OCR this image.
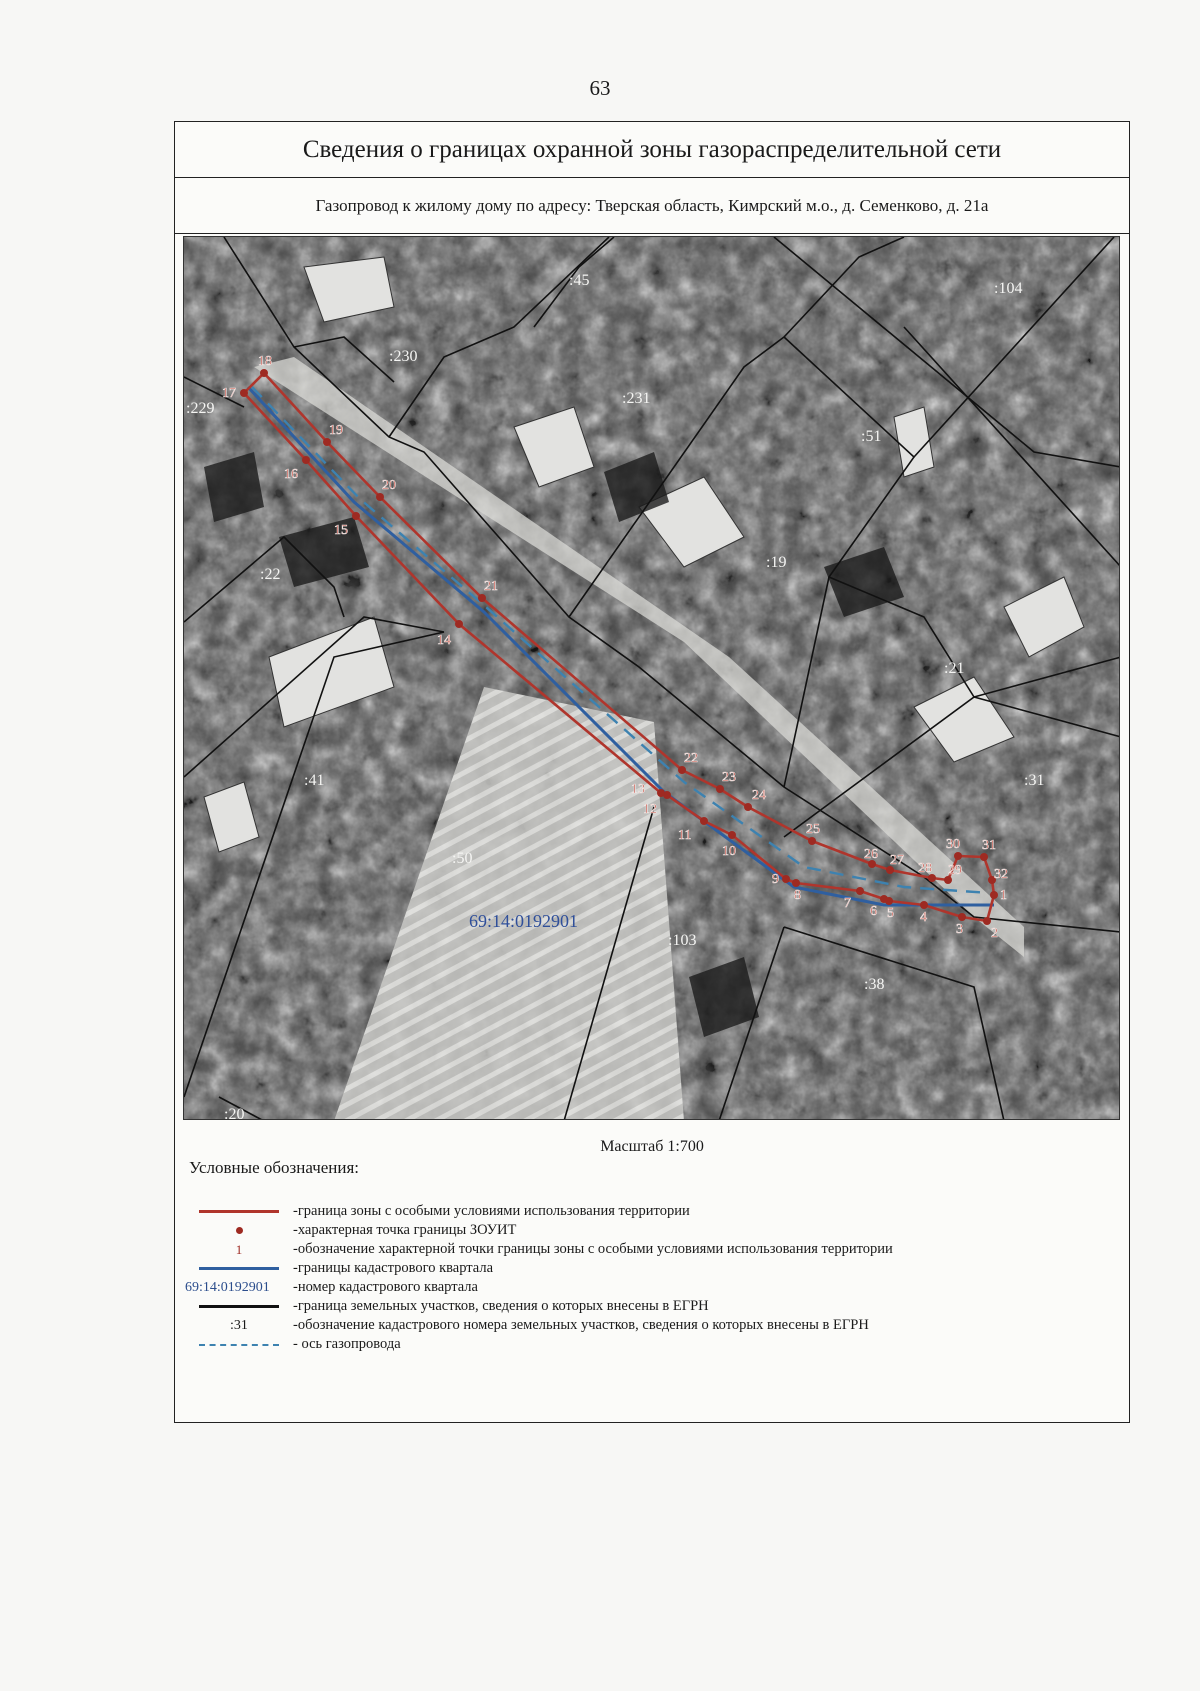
63
Сведения о границах охранной зоны газораспределительной сети
Газопровод к жилому дому по адресу: Тверская область, Кимрский м.о., д. Семенково, д. 21а
:45	:104
:230
:229
:231
:51
:19
:22
:21
:41	:31
:50
:103
:38
:20
69:14:0192901
1
2
3
4
5
6
7
8
9
10
11
12
13
14
15
16
17
18
19
20
21
22
23
24
25
26 27
28 29
30 31
32
Масштаб 1:700
Условные обозначения:
-граница зоны с особыми условиями использования территории
-характерная точка границы ЗОУИТ
1	-обозначение характерной точки границы зоны с особыми условиями использования территории
-границы кадастрового квартала
69:14:0192901 -номер кадастрового квартала
-граница земельных участков, сведения о которых внесены в ЕГРН
:31	-обозначение кадастрового номера земельных участков, сведения о которых внесены в ЕГРН
- ось газопровода
